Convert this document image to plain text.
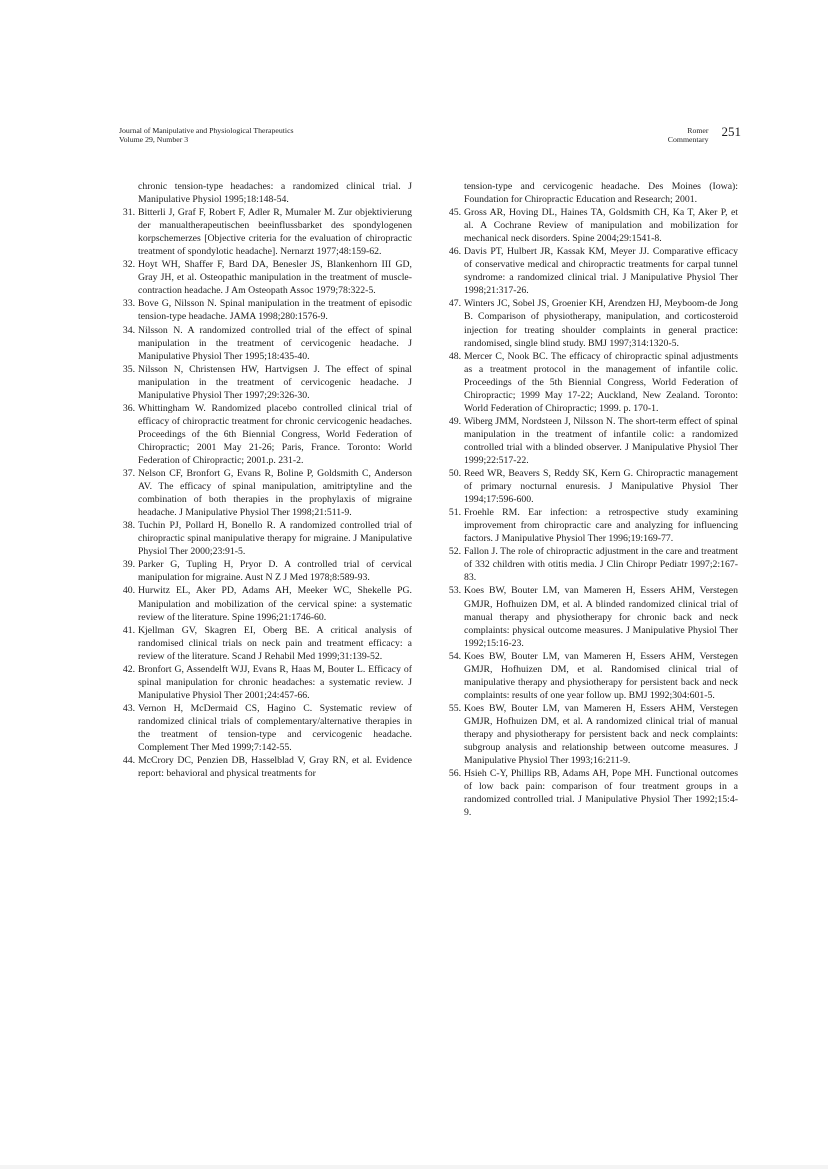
Journal of Manipulative and Physiological Therapeutics
Volume 29, Number 3
Romer
Commentary
251

chronic tension-type headaches: a randomized clinical trial. J Manipulative Physiol 1995;18:148-54.

31. Bitterli J, Graf F, Robert F, Adler R, Mumaler M. Zur objektivierung der manualtherapeutischen beeinflussbarket des spondylogenen korpschemerzes [Objective criteria for the evaluation of chiropractic treatment of spondylotic headache]. Nernarzt 1977;48:159-62.

32. Hoyt WH, Shaffer F, Bard DA, Benesler JS, Blankenhorn III GD, Gray JH, et al. Osteopathic manipulation in the treatment of muscle-contraction headache. J Am Osteopath Assoc 1979;78:322-5.

33. Bove G, Nilsson N. Spinal manipulation in the treatment of episodic tension-type headache. JAMA 1998;280:1576-9.

34. Nilsson N. A randomized controlled trial of the effect of spinal manipulation in the treatment of cervicogenic headache. J Manipulative Physiol Ther 1995;18:435-40.

35. Nilsson N, Christensen HW, Hartvigsen J. The effect of spinal manipulation in the treatment of cervicogenic headache. J Manipulative Physiol Ther 1997;29:326-30.

36. Whittingham W. Randomized placebo controlled clinical trial of efficacy of chiropractic treatment for chronic cervicogenic headaches. Proceedings of the 6th Biennial Congress, World Federation of Chiropractic; 2001 May 21-26; Paris, France. Toronto: World Federation of Chiropractic; 2001.p. 231-2.

37. Nelson CF, Bronfort G, Evans R, Boline P, Goldsmith C, Anderson AV. The efficacy of spinal manipulation, amitriptyline and the combination of both therapies in the prophylaxis of migraine headache. J Manipulative Physiol Ther 1998;21:511-9.

38. Tuchin PJ, Pollard H, Bonello R. A randomized controlled trial of chiropractic spinal manipulative therapy for migraine. J Manipulative Physiol Ther 2000;23:91-5.

39. Parker G, Tupling H, Pryor D. A controlled trial of cervical manipulation for migraine. Aust N Z J Med 1978;8:589-93.

40. Hurwitz EL, Aker PD, Adams AH, Meeker WC, Shekelle PG. Manipulation and mobilization of the cervical spine: a systematic review of the literature. Spine 1996;21:1746-60.

41. Kjellman GV, Skagren EI, Oberg BE. A critical analysis of randomised clinical trials on neck pain and treatment efficacy: a review of the literature. Scand J Rehabil Med 1999;31:139-52.

42. Bronfort G, Assendelft WJJ, Evans R, Haas M, Bouter L. Efficacy of spinal manipulation for chronic headaches: a systematic review. J Manipulative Physiol Ther 2001;24:457-66.

43. Vernon H, McDermaid CS, Hagino C. Systematic review of randomized clinical trials of complementary/alternative therapies in the treatment of tension-type and cervicogenic headache. Complement Ther Med 1999;7:142-55.

44. McCrory DC, Penzien DB, Hasselblad V, Gray RN, et al. Evidence report: behavioral and physical treatments for

tension-type and cervicogenic headache. Des Moines (Iowa): Foundation for Chiropractic Education and Research; 2001.

45. Gross AR, Hoving DL, Haines TA, Goldsmith CH, Ka T, Aker P, et al. A Cochrane Review of manipulation and mobilization for mechanical neck disorders. Spine 2004;29:1541-8.

46. Davis PT, Hulbert JR, Kassak KM, Meyer JJ. Comparative efficacy of conservative medical and chiropractic treatments for carpal tunnel syndrome: a randomized clinical trial. J Manipulative Physiol Ther 1998;21:317-26.

47. Winters JC, Sobel JS, Groenier KH, Arendzen HJ, Meyboom-de Jong B. Comparison of physiotherapy, manipulation, and corticosteroid injection for treating shoulder complaints in general practice: randomised, single blind study. BMJ 1997;314:1320-5.

48. Mercer C, Nook BC. The efficacy of chiropractic spinal adjustments as a treatment protocol in the management of infantile colic. Proceedings of the 5th Biennial Congress, World Federation of Chiropractic; 1999 May 17-22; Auckland, New Zealand. Toronto: World Federation of Chiropractic; 1999. p. 170-1.

49. Wiberg JMM, Nordsteen J, Nilsson N. The short-term effect of spinal manipulation in the treatment of infantile colic: a randomized controlled trial with a blinded observer. J Manipulative Physiol Ther 1999;22:517-22.

50. Reed WR, Beavers S, Reddy SK, Kern G. Chiropractic management of primary nocturnal enuresis. J Manipulative Physiol Ther 1994;17:596-600.

51. Froehle RM. Ear infection: a retrospective study examining improvement from chiropractic care and analyzing for influencing factors. J Manipulative Physiol Ther 1996;19:169-77.

52. Fallon J. The role of chiropractic adjustment in the care and treatment of 332 children with otitis media. J Clin Chiropr Pediatr 1997;2:167-83.

53. Koes BW, Bouter LM, van Mameren H, Essers AHM, Verstegen GMJR, Hofhuizen DM, et al. A blinded randomized clinical trial of manual therapy and physiotherapy for chronic back and neck complaints: physical outcome measures. J Manipulative Physiol Ther 1992;15:16-23.

54. Koes BW, Bouter LM, van Mameren H, Essers AHM, Verstegen GMJR, Hofhuizen DM, et al. Randomised clinical trial of manipulative therapy and physiotherapy for persistent back and neck complaints: results of one year follow up. BMJ 1992;304:601-5.

55. Koes BW, Bouter LM, van Mameren H, Essers AHM, Verstegen GMJR, Hofhuizen DM, et al. A randomized clinical trial of manual therapy and physiotherapy for persistent back and neck complaints: subgroup analysis and relationship between outcome measures. J Manipulative Physiol Ther 1993;16:211-9.

56. Hsieh C-Y, Phillips RB, Adams AH, Pope MH. Functional outcomes of low back pain: comparison of four treatment groups in a randomized controlled trial. J Manipulative Physiol Ther 1992;15:4-9.
